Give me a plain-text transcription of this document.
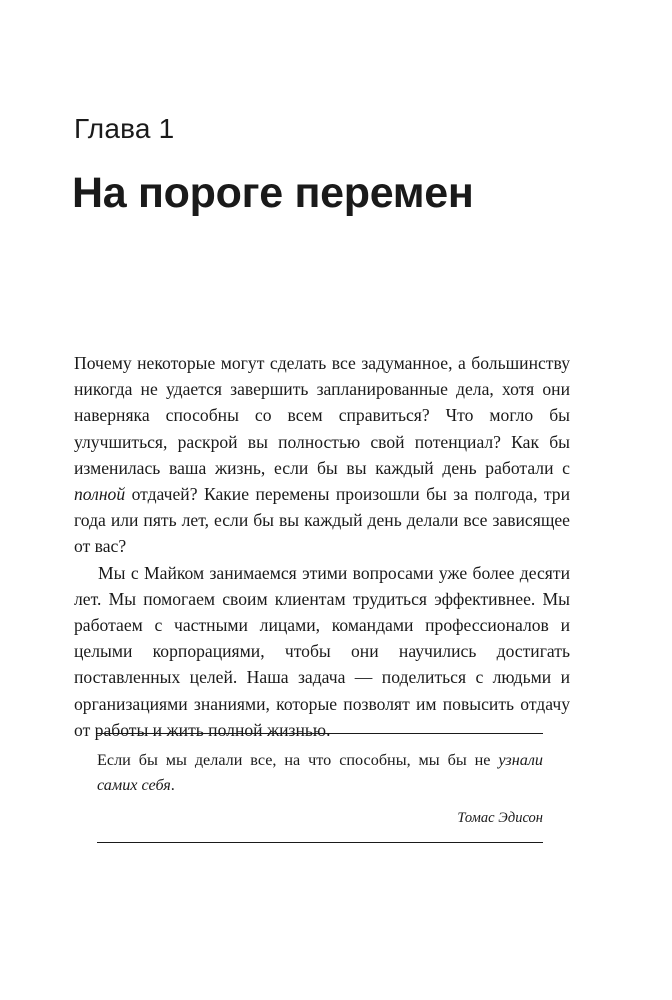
Глава 1
На пороге перемен

Почему некоторые могут сделать все задуманное, а большинству никогда не удается завершить запланированные дела, хотя они наверняка способны со всем справиться? Что могло бы улучшиться, раскрой вы полностью свой потенциал? Как бы изменилась ваша жизнь, если бы вы каждый день работали с полной отдачей? Какие перемены произошли бы за полгода, три года или пять лет, если бы вы каждый день делали все зависящее от вас?

Мы с Майком занимаемся этими вопросами уже более десяти лет. Мы помогаем своим клиентам трудиться эффективнее. Мы работаем с частными лицами, командами профессионалов и целыми корпорациями, чтобы они научились достигать поставленных целей. Наша задача — поделиться с людьми и организациями знаниями, которые позволят им повысить отдачу от работы и жить полной жизнью.

Если бы мы делали все, на что способны, мы бы не узнали самих себя.

Томас Эдисон
